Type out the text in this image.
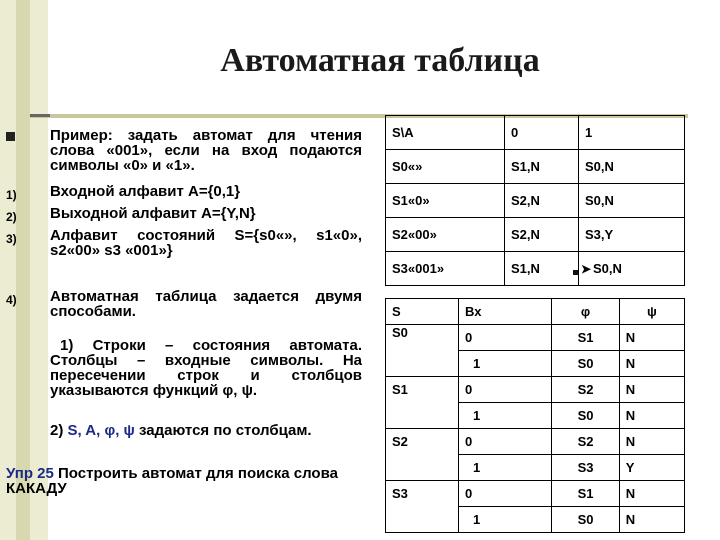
Автоматная таблица
Пример: задать автомат для чтения слова «001», если на вход подаются символы «0» и «1».
1) Входной алфавит A={0,1}
2) Выходной алфавит A={Y,N}
3) Алфавит состояний S={s0«», s1«0», s2«00» s3 «001»}
4) Автоматная таблица задается двумя способами.
1) Строки – состояния автомата. Столбцы – входные символы. На пересечении строк и столбцов указываются функций φ, ψ.
2) S, A, φ, ψ задаются по столбцам.
Упр 25 Построить автомат для поиска слова КАКАДУ
S\A	0	1
S0«»	S1,N	S0,N
S1«0»	S2,N	S0,N
S2«00»	S2,N	S3,Y
S3«001»	S1,N	S0,N
➤
S	Вх	φ	ψ
S0	0	S1	N
	1	S0	N
S1	0	S2	N
	1	S0	N
S2	0	S2	N
	1	S3	Y
S3	0	S1	N
	1	S0	N
